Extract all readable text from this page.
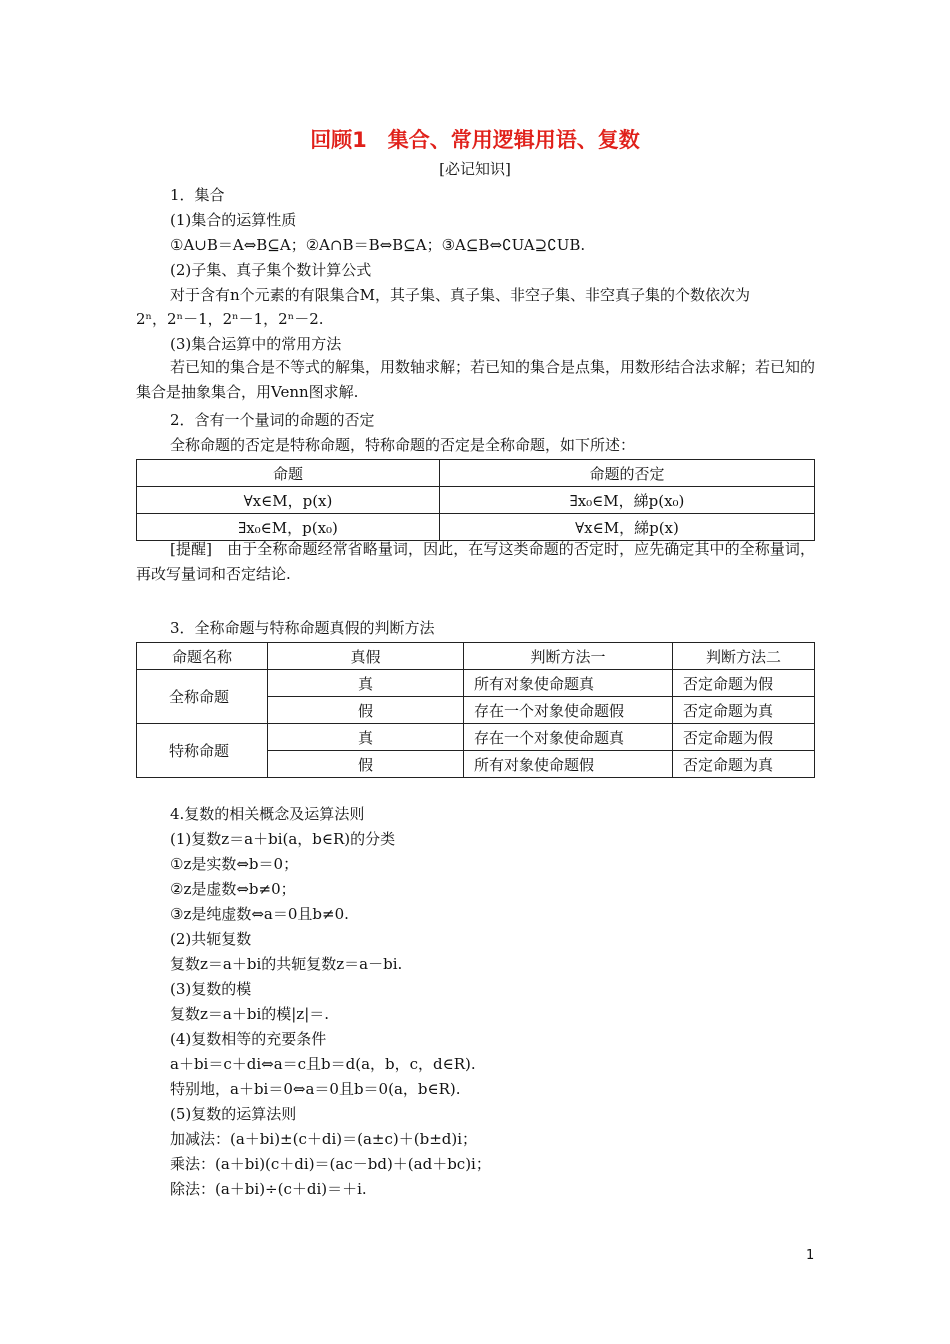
回顾1　集合、常用逻辑用语、复数
[必记知识]
1．集合
(1)集合的运算性质
①A∪B＝A⇔B⊆A；②A∩B＝B⇔B⊆A；③A⊆B⇔∁UA⊇∁UB.
(2)子集、真子集个数计算公式
对于含有n个元素的有限集合M，其子集、真子集、非空子集、非空真子集的个数依次为
2ⁿ，2ⁿ－1，2ⁿ－1，2ⁿ－2.
(3)集合运算中的常用方法
若已知的集合是不等式的解集，用数轴求解；若已知的集合是点集，用数形结合法求解；若已知的集合是抽象集合，用Venn图求解.
2．含有一个量词的命题的否定
全称命题的否定是特称命题，特称命题的否定是全称命题，如下所述：
命题	命题的否定
∀x∈M，p(x)	∃x₀∈M，綈p(x₀)
∃x₀∈M，p(x₀)	∀x∈M，綈p(x)
[提醒]　由于全称命题经常省略量词，因此，在写这类命题的否定时，应先确定其中的全称量词，再改写量词和否定结论.
3．全称命题与特称命题真假的判断方法
命题名称	真假	判断方法一	判断方法二
全称命题	真	所有对象使命题真	否定命题为假
	假	存在一个对象使命题假	否定命题为真
特称命题	真	存在一个对象使命题真	否定命题为假
	假	所有对象使命题假	否定命题为真
4.复数的相关概念及运算法则
(1)复数z＝a＋bi(a，b∈R)的分类
①z是实数⇔b＝0；
②z是虚数⇔b≠0；
③z是纯虚数⇔a＝0且b≠0.
(2)共轭复数
复数z＝a＋bi的共轭复数z＝a－bi.
(3)复数的模
复数z＝a＋bi的模|z|＝.
(4)复数相等的充要条件
a＋bi＝c＋di⇔a＝c且b＝d(a，b，c，d∈R).
特别地，a＋bi＝0⇔a＝0且b＝0(a，b∈R).
(5)复数的运算法则
加减法：(a＋bi)±(c＋di)＝(a±c)＋(b±d)i；
乘法：(a＋bi)(c＋di)＝(ac－bd)＋(ad＋bc)i；
除法：(a＋bi)÷(c＋di)＝＋i.
1
